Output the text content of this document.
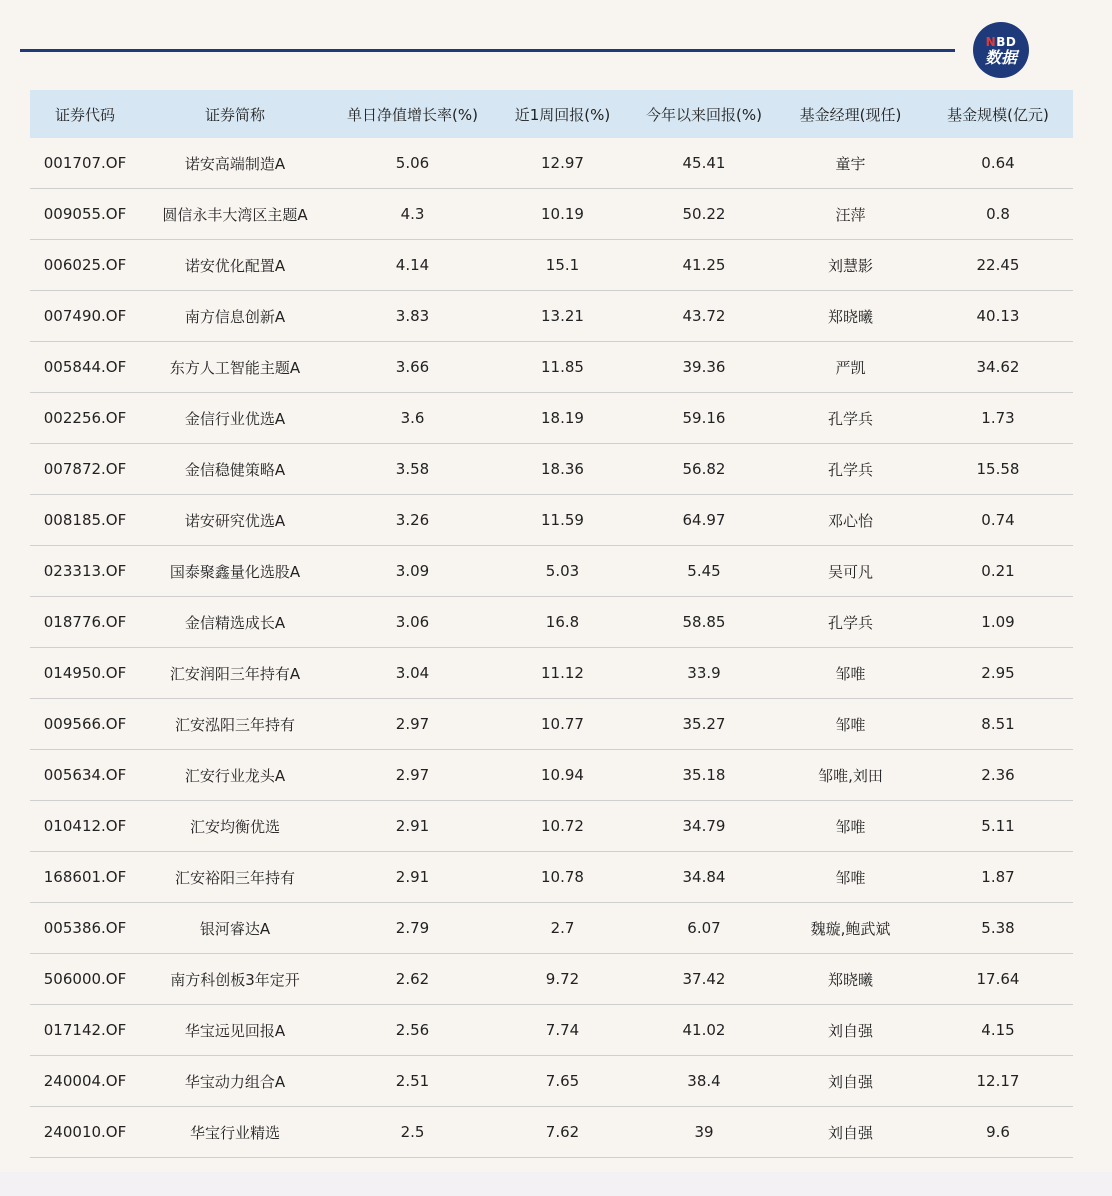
NBD
数据
证券代码	证券简称	单日净值增长率(%)	近1周回报(%)	今年以来回报(%)	基金经理(现任)	基金规模(亿元)
001707.OF	诺安高端制造A	5.06	12.97	45.41	童宇	0.64
009055.OF	圆信永丰大湾区主题A	4.3	10.19	50.22	汪萍	0.8
006025.OF	诺安优化配置A	4.14	15.1	41.25	刘慧影	22.45
007490.OF	南方信息创新A	3.83	13.21	43.72	郑晓曦	40.13
005844.OF	东方人工智能主题A	3.66	11.85	39.36	严凯	34.62
002256.OF	金信行业优选A	3.6	18.19	59.16	孔学兵	1.73
007872.OF	金信稳健策略A	3.58	18.36	56.82	孔学兵	15.58
008185.OF	诺安研究优选A	3.26	11.59	64.97	邓心怡	0.74
023313.OF	国泰聚鑫量化选股A	3.09	5.03	5.45	吴可凡	0.21
018776.OF	金信精选成长A	3.06	16.8	58.85	孔学兵	1.09
014950.OF	汇安润阳三年持有A	3.04	11.12	33.9	邹唯	2.95
009566.OF	汇安泓阳三年持有	2.97	10.77	35.27	邹唯	8.51
005634.OF	汇安行业龙头A	2.97	10.94	35.18	邹唯,刘田	2.36
010412.OF	汇安均衡优选	2.91	10.72	34.79	邹唯	5.11
168601.OF	汇安裕阳三年持有	2.91	10.78	34.84	邹唯	1.87
005386.OF	银河睿达A	2.79	2.7	6.07	魏璇,鲍武斌	5.38
506000.OF	南方科创板3年定开	2.62	9.72	37.42	郑晓曦	17.64
017142.OF	华宝远见回报A	2.56	7.74	41.02	刘自强	4.15
240004.OF	华宝动力组合A	2.51	7.65	38.4	刘自强	12.17
240010.OF	华宝行业精选	2.5	7.62	39	刘自强	9.6
